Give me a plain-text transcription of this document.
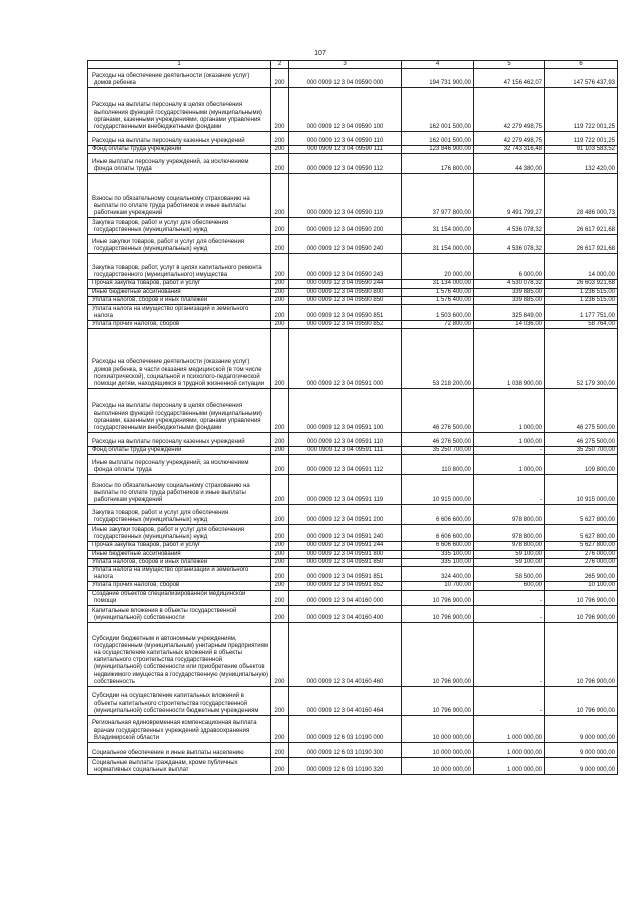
107
1	2	3	4	5	6

Расходы на обеспечение деятельности (оказание услуг) домов ребенка	200	000 0909 12 3 04 09590 000	194 731 900,00	47 156 462,07	147 576 437,93

Расходы на выплаты персоналу в целях обеспечения выполнения функций государственными (муниципальными) органами, казенными учреждениями, органами управления государственными внебюджетными фондами	200	000 0909 12 3 04 09590 100	162 001 500,00	42 279 498,75	119 722 001,25

Расходы на выплаты персоналу казенных учреждений	200	000 0909 12 3 04 09590 110	162 001 500,00	42 279 498,75	119 722 001,25

Фонд оплаты труда учреждений	200	000 0909 12 3 04 09590 111	123 846 900,00	32 743 316,48	91 103 583,52

Иные выплаты персоналу учреждений, за исключением фонда оплаты труда	200	000 0909 12 3 04 09590 112	176 800,00	44 380,00	132 420,00

Взносы по обязательному социальному страхованию на выплаты по оплате труда работников и иные выплаты работникам учреждений	200	000 0909 12 3 04 09590 119	37 977 800,00	9 491 799,27	28 486 000,73

Закупка товаров, работ и услуг для обеспечения государственных (муниципальных) нужд	200	000 0909 12 3 04 09590 200	31 154 000,00	4 536 078,32	26 617 921,68

Иные закупки товаров, работ и услуг для обеспечения государственных (муниципальных) нужд	200	000 0909 12 3 04 09590 240	31 154 000,00	4 536 078,32	26 617 921,68

Закупка товаров, работ, услуг в целях капитального ремонта государственного (муниципального) имущества	200	000 0909 12 3 04 09590 243	20 000,00	6 000,00	14 000,00

Прочая закупка товаров, работ и услуг	200	000 0909 12 3 04 09590 244	31 134 000,00	4 530 078,32	26 603 921,68

Иные бюджетные ассигнования	200	000 0909 12 3 04 09590 800	1 576 400,00	339 885,00	1 236 515,00

Уплата налогов, сборов и иных платежей	200	000 0909 12 3 04 09590 850	1 576 400,00	339 885,00	1 236 515,00

Уплата налога на имущество организаций и земельного налога	200	000 0909 12 3 04 09590 851	1 503 600,00	325 849,00	1 177 751,00

Уплата прочих налогов, сборов	200	000 0909 12 3 04 09590 852	72 800,00	14 036,00	58 764,00

Расходы на обеспечение деятельности (оказание услуг) домов ребенка, в части оказания медицинской (в том числе психиатрической), социальной и психолого-педагогической помощи детям, находящимся в трудной жизненной ситуации	200	000 0909 12 3 04 09591 000	53 218 200,00	1 038 900,00	52 179 300,00

Расходы на выплаты персоналу в целях обеспечения выполнения функций государственными (муниципальными) органами, казенными учреждениями, органами управления государственными внебюджетными фондами	200	000 0909 12 3 04 09591 100	46 276 500,00	1 000,00	46 275 500,00

Расходы на выплаты персоналу казенных учреждений	200	000 0909 12 3 04 09591 110	46 276 500,00	1 000,00	46 275 500,00

Фонд оплаты труда учреждений	200	000 0909 12 3 04 09591 111	35 250 700,00	-	35 250 700,00

Иные выплаты персоналу учреждений, за исключением фонда оплаты труда	200	000 0909 12 3 04 09591 112	110 800,00	1 000,00	109 800,00

Взносы по обязательному социальному страхованию на выплаты по оплате труда работников и иные выплаты работникам учреждений	200	000 0909 12 3 04 09591 119	10 915 000,00	-	10 915 000,00

Закупка товаров, работ и услуг для обеспечения государственных (муниципальных) нужд	200	000 0909 12 3 04 09591 200	6 606 600,00	978 800,00	5 627 800,00

Иные закупки товаров, работ и услуг для обеспечения государственных (муниципальных) нужд	200	000 0909 12 3 04 09591 240	6 606 600,00	978 800,00	5 627 800,00

Прочая закупка товаров, работ и услуг	200	000 0909 12 3 04 09591 244	6 606 600,00	978 800,00	5 627 800,00

Иные бюджетные ассигнования	200	000 0909 12 3 04 09591 800	335 100,00	59 100,00	276 000,00

Уплата налогов, сборов и иных платежей	200	000 0909 12 3 04 09591 850	335 100,00	59 100,00	276 000,00

Уплата налога на имущество организаций и земельного налога	200	000 0909 12 3 04 09591 851	324 400,00	58 500,00	265 900,00

Уплата прочих налогов, сборов	200	000 0909 12 3 04 09591 852	10 700,00	600,00	10 100,00

Создание объектов специализированной медицинской помощи	200	000 0909 12 3 04 40160 000	10 796 900,00	-	10 796 900,00

Капитальные вложения в объекты государственной (муниципальной) собственности	200	000 0909 12 3 04 40160 400	10 796 900,00	-	10 796 900,00

Субсидии бюджетным и автономным учреждениям, государственным (муниципальным) унитарным предприятиям на осуществление капитальных вложений в объекты капитального строительства государственной (муниципальной) собственности или приобретение объектов недвижимого имущества в государственную (муниципальную) собственность	200	000 0909 12 3 04 40160 460	10 796 900,00	-	10 796 900,00

Субсидии на осуществление капитальных вложений в объекты капитального строительства государственной (муниципальной) собственности бюджетным учреждениям	200	000 0909 12 3 04 40160 464	10 796 900,00	-	10 796 900,00

Региональная единовременная компенсационная выплата врачам государственных учреждений здравоохранения Владимирской области	200	000 0909 12 6 03 10190 000	10 000 000,00	1 000 000,00	9 000 000,00

Социальное обеспечение и иные выплаты населению	200	000 0909 12 6 03 10190 300	10 000 000,00	1 000 000,00	9 000 000,00

Социальные выплаты гражданам, кроме публичных нормативных социальных выплат	200	000 0909 12 6 03 10190 320	10 000 000,00	1 000 000,00	9 000 000,00
